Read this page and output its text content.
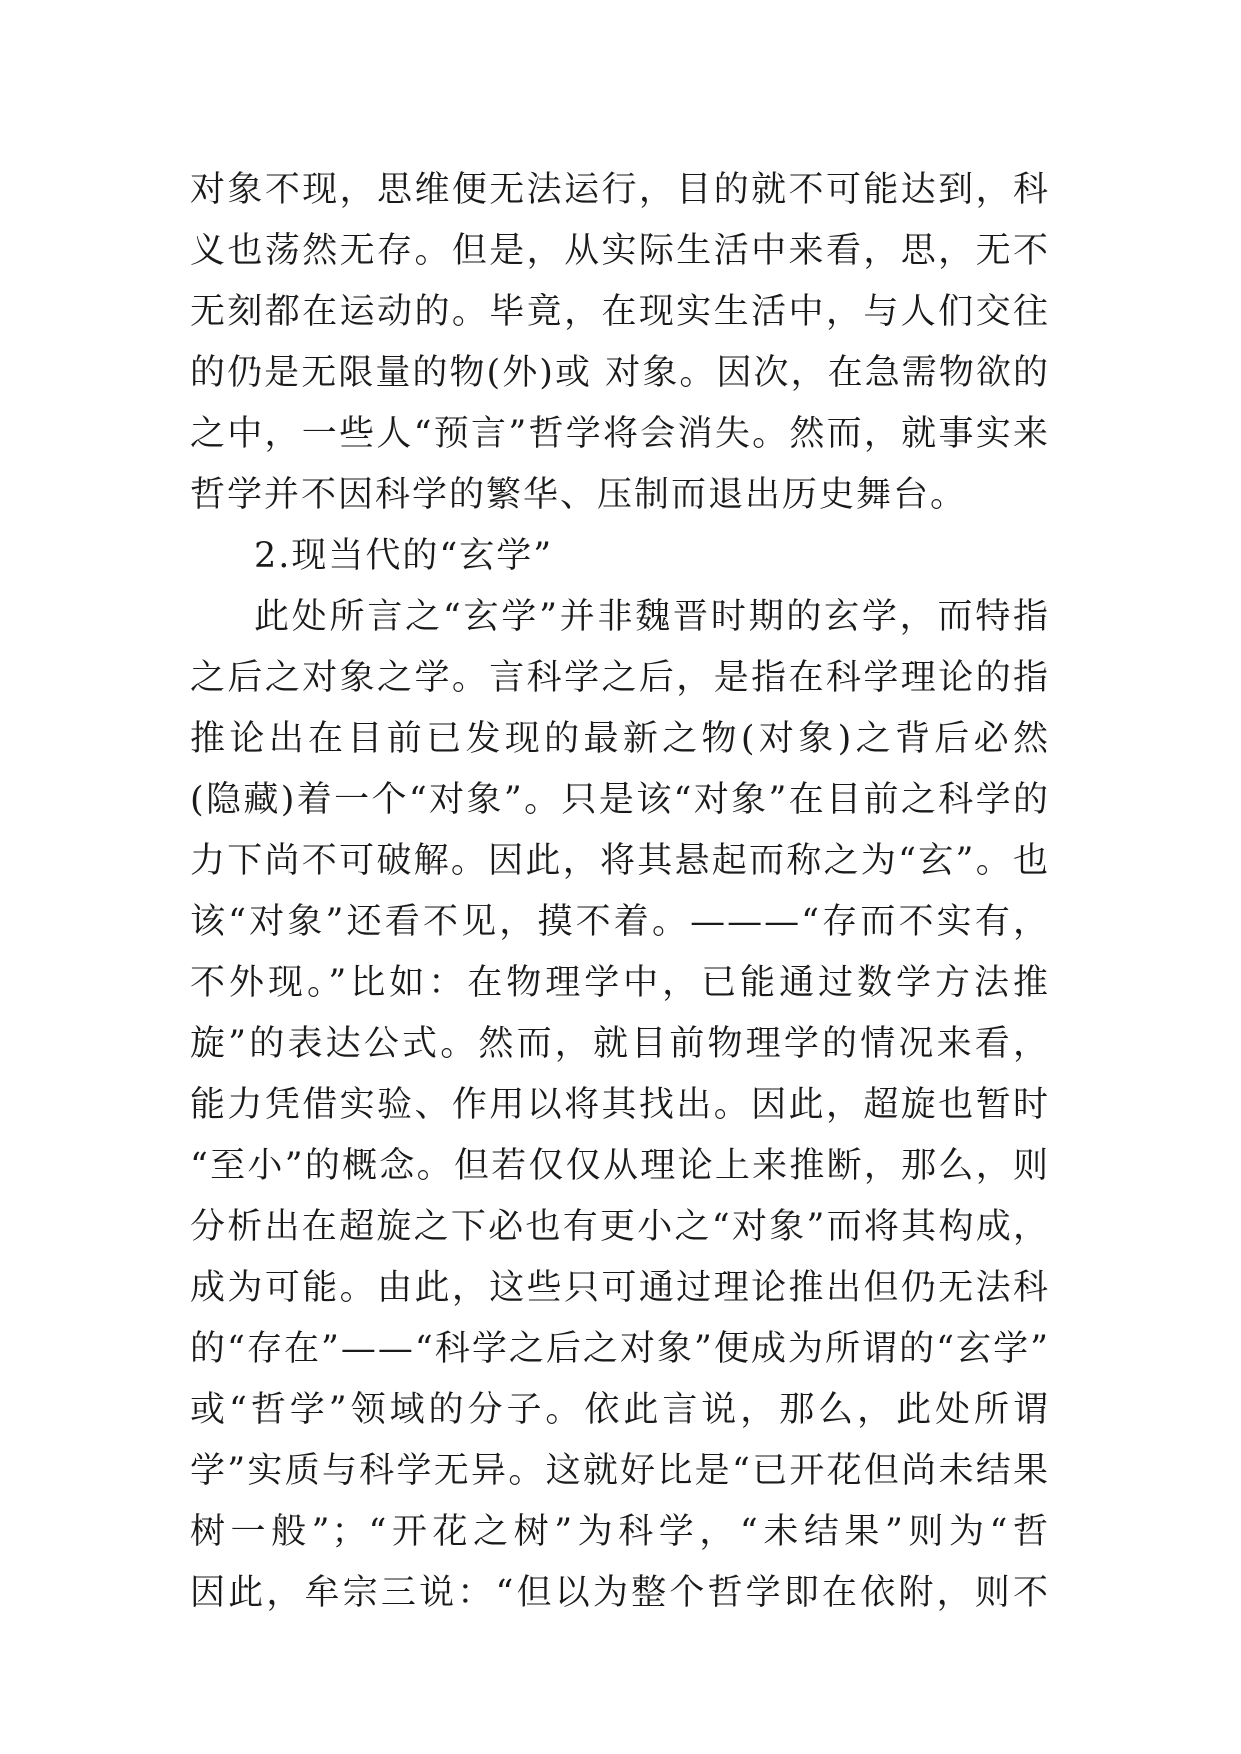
对象不现，思维便无法运行，目的就不可能达到，科
义也荡然无存。但是，从实际生活中来看，思，无不
无刻都在运动的。毕竟，在现实生活中，与人们交往
的仍是无限量的物(外)或 对象。因次，在急需物欲的
之中，一些人“预言”哲学将会消失。然而，就事实来
哲学并不因科学的繁华、压制而退出历史舞台。
2.现当代的“玄学”
此处所言之“玄学”并非魏晋时期的玄学，而特指
之后之对象之学。言科学之后，是指在科学理论的指
推论出在目前已发现的最新之物(对象)之背后必然
(隐藏)着一个“对象”。只是该“对象”在目前之科学的
力下尚不可破解。因此，将其悬起而称之为“玄”。也
该“对象”还看不见，摸不着。———“存而不实有，
不外现。”比如：在物理学中，已能通过数学方法推
旋”的表达公式。然而，就目前物理学的情况来看，
能力凭借实验、作用以将其找出。因此，超旋也暂时
“至小”的概念。但若仅仅从理论上来推断，那么，则
分析出在超旋之下必也有更小之“对象”而将其构成，
成为可能。由此，这些只可通过理论推出但仍无法科
的“存在”——“科学之后之对象”便成为所谓的“玄学”
或“哲学”领域的分子。依此言说，那么，此处所谓
学”实质与科学无异。这就好比是“已开花但尚未结果
树一般”；“开花之树”为科学，“未结果”则为“哲
因此，牟宗三说：“但以为整个哲学即在依附，则不
